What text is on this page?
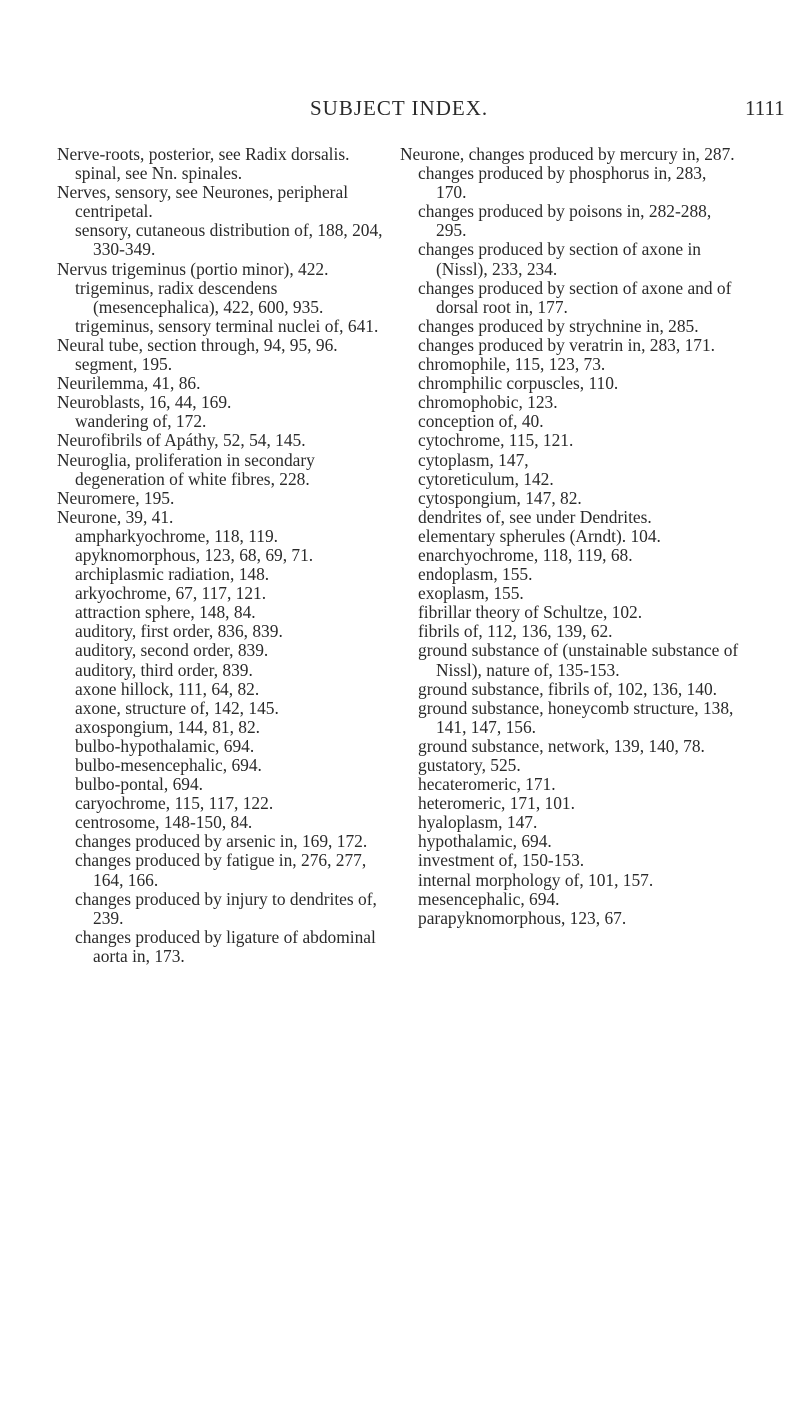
SUBJECT INDEX.	1111

Nerve-roots, posterior, see Radix dorsalis.

spinal, see Nn. spinales.

Nerves, sensory, see Neurones, peripheral centripetal.

sensory, cutaneous distribution of, 188, 204, 330-349.

Nervus trigeminus (portio minor), 422.

trigeminus, radix descendens (mesencephalica), 422, 600, 935.

trigeminus, sensory terminal nuclei of, 641.

Neural tube, section through, 94, 95, 96.

segment, 195.

Neurilemma, 41, 86.

Neuroblasts, 16, 44, 169.

wandering of, 172.

Neurofibrils of Apáthy, 52, 54, 145.

Neuroglia, proliferation in secondary degeneration of white fibres, 228.

Neuromere, 195.

Neurone, 39, 41.

ampharkyochrome, 118, 119.

apyknomorphous, 123, 68, 69, 71.

archiplasmic radiation, 148.

arkyochrome, 67, 117, 121.

attraction sphere, 148, 84.

auditory, first order, 836, 839.

auditory, second order, 839.

auditory, third order, 839.

axone hillock, 111, 64, 82.

axone, structure of, 142, 145.

axospongium, 144, 81, 82.

bulbo-hypothalamic, 694.

bulbo-mesencephalic, 694.

bulbo-pontal, 694.

caryochrome, 115, 117, 122.

centrosome, 148-150, 84.

changes produced by arsenic in, 169, 172.

changes produced by fatigue in, 276, 277, 164, 166.

changes produced by injury to dendrites of, 239.

changes produced by ligature of abdominal aorta in, 173.

Neurone, changes produced by mercury in, 287.

changes produced by phosphorus in, 283, 170.

changes produced by poisons in, 282-288, 295.

changes produced by section of axone in (Nissl), 233, 234.

changes produced by section of axone and of dorsal root in, 177.

changes produced by strychnine in, 285.

changes produced by veratrin in, 283, 171.

chromophile, 115, 123, 73.

chromphilic corpuscles, 110.

chromophobic, 123.

conception of, 40.

cytochrome, 115, 121.

cytoplasm, 147,

cytoreticulum, 142.

cytospongium, 147, 82.

dendrites of, see under Dendrites.

elementary spherules (Arndt). 104.

enarchyochrome, 118, 119, 68.

endoplasm, 155.

exoplasm, 155.

fibrillar theory of Schultze, 102.

fibrils of, 112, 136, 139, 62.

ground substance of (unstainable substance of Nissl), nature of, 135-153.

ground substance, fibrils of, 102, 136, 140.

ground substance, honeycomb structure, 138, 141, 147, 156.

ground substance, network, 139, 140, 78.

gustatory, 525.

hecateromeric, 171.

heteromeric, 171, 101.

hyaloplasm, 147.

hypothalamic, 694.

investment of, 150-153.

internal morphology of, 101, 157.

mesencephalic, 694.

parapyknomorphous, 123, 67.
